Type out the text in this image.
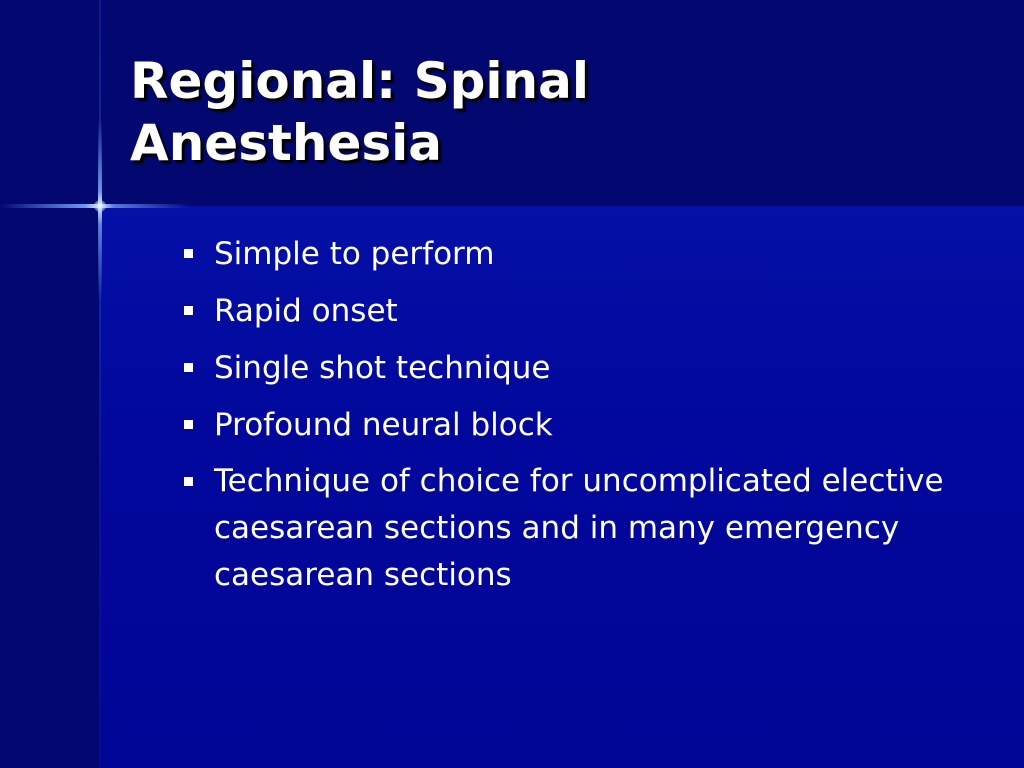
Regional: Spinal
Anesthesia
Simple to perform
Rapid onset
Single shot technique
Profound neural block
Technique of choice for uncomplicated elective caesarean sections and in many emergency caesarean sections
